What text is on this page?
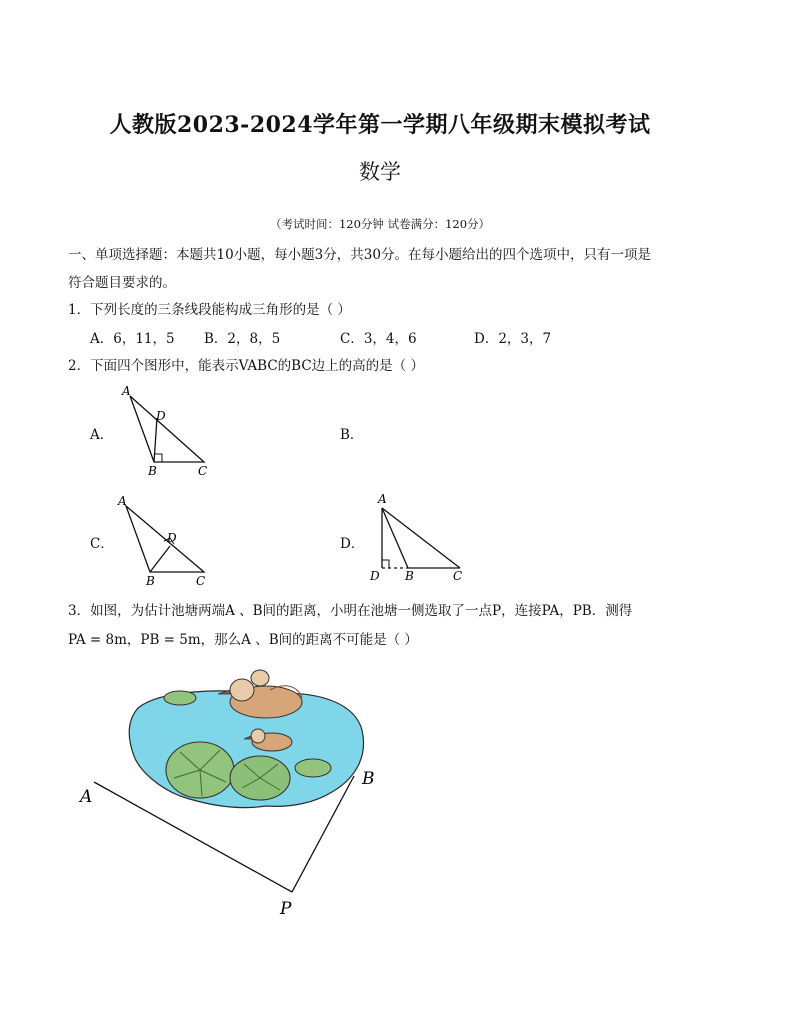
人教版2023-2024学年第一学期八年级期末模拟考试
数学
（考试时间：120分钟 试卷满分：120分）
一、单项选择题：本题共10小题，每小题3分，共30分。在每小题给出的四个选项中，只有一项是
符合题目要求的。
1．下列长度的三条线段能构成三角形的是（ ）
A．6，11，5 B．2，8，5	C．3，4，6	D．2，3，7
2．下面四个图形中，能表示VABC的BC边上的高的是（ ）
A．
A
D
B	C
B．
C．
A
D
B	C
D．
A
D B	C
3．如图，为估计池塘两端A 、B间的距离，小明在池塘一侧选取了一点P，连接PA，PB．测得
PA = 8m，PB = 5m，那么A 、B间的距离不可能是（ ）
A
B
P
